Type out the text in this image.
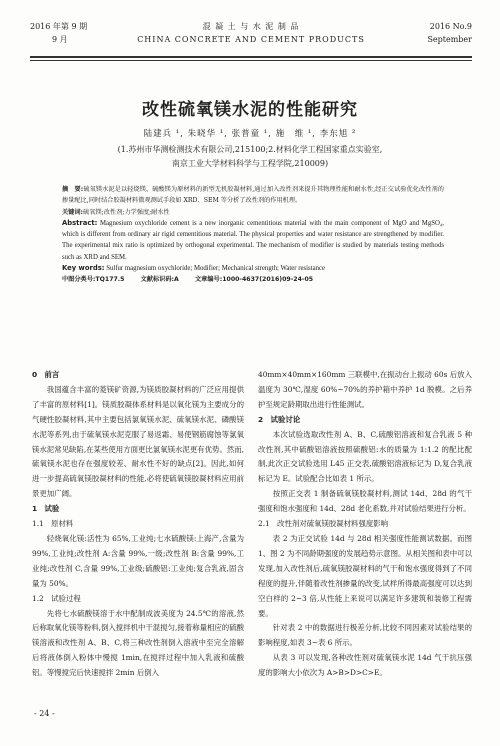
2016 年第 9 期
9 月
混 凝 土 与 水 泥 制 品
CHINA CONCRETE AND CEMENT PRODUCTS
2016 No.9
September
改性硫氧镁水泥的性能研究
陆建兵 ¹, 朱晓华 ¹, 张普童 ¹, 施　维 ¹, 李东旭 ²
(1.苏州市华测检测技术有限公司,215100;2.材料化学工程国家重点实验室,
南京工业大学材料科学与工程学院,210009)

摘　要:硫氧镁水泥是以轻烧镁、硫酸镁为原材料的新型无机胶凝材料,通过加入改性剂来提升其物理性能和耐水性,经正交试验优化改性剂的掺量配比,同时结合胶凝材料微观测试手段如 XRD、SEM 等分析了改性剂的作用机理。

关键词:硫氧镁;改性剂;力学强度;耐水性

Abstract: Magnesium oxychloride cement is a new inorganic cementitious material with the main component of MgO and MgSO₄, which is different from ordinary air rigid cementitious material. The physical properties and water resistance are strengthened by modifier. The experimental mix ratio is optimized by orthogonal experimental. The mechanism of modifier is studied by materials testing methods such as XRD and SEM.

Key words: Sulfur magnesium oxychloride; Modifier; Mechanical strength; Water resistance

中图分类号:TQ177.5	文献标识码:A	文章编号:1000-4637(2016)09-24-05

0　前言

我国蕴含丰富的菱镁矿资源,为镁质胶凝材料的广泛应用提供了丰富的原材料[1]。镁质胶凝体系材料是以氧化镁为主要成分的气硬性胶凝材料,其中主要包括氯氧镁水泥、硫氧镁水泥、磷酸镁水泥等系列,由于硫氧镁水泥克服了易返霜、易使钢筋腐蚀等氯氧镁水泥常见缺陷,在某些使用方面更比氯氧镁水泥更有优势。然而,硫氧镁水泥也存在强度较差、耐水性不好的缺点[2]。因此,如何进一步提高硫氧镁胶凝材料的性能,必将使硫氧镁胶凝材料应用前景更加广阔。

1　试验

1.1　原材料

轻烧氧化镁:活性为 65%,工业纯;七水硫酸镁:上海产,含量为 99%,工业纯;改性剂 A:含量 99%,一级;改性剂 B:含量 99%,工业纯;改性剂 C,含量 99%,工业级;硫酸铝:工业纯;复合乳液,固含量为 50%。

1.2　试验过程

先将七水硫酸镁溶于水中配制成波美度为 24.5℃的溶液,然后称取氧化镁等粉料,倒入搅拌机中干混搅匀,接着称量相应的硫酸镁溶液和改性剂 A、B、C,将三种改性剂倒入溶液中至完全溶解后将液体倒入粉体中慢搅 1min,在搅拌过程中加入乳液和硫酸铝。等慢搅完后快速搅拌 2min 后倒入

40mm×40mm×160mm 三联模中,在振动台上振动 60s 后放入温度为 30℃,湿度 60%~70%的养护箱中养护 1d 脱模。之后养护至规定龄期取出进行性能测试。

2　试验讨论

本次试验选取改性剂 A、B、C,硫酸铝溶液和复合乳液 5 种改性剂,其中硫酸铝溶液按照硫酸铝:水的质量为 1:1.2 的配比配制,此次正交试验选用 L45 正交表,硫酸铝溶液标记为 D,复合乳液标记为 E。试验配合比如表 1 所示。

按照正交表 1 制备硫氧镁胶凝材料,测试 14d、28d 的气干强度和饱水强度和 14d、28d 老化系数,并对试验结果进行分析。

2.1　改性剂对硫氧镁胶凝材料强度影响

表 2 为正交试验 14d 与 28d 相关强度性能测试数据。而图 1、图 2 为不同龄期强度的发展趋势示意图。从相关图和表中可以发现,加入改性剂后,硫氧镁胶凝材料的气干和饱水强度得到了不同程度的提升,伴随着改性剂掺量的改变,试样所得最高强度可以达到空白样的 2~3 倍,从性能上来说可以满足许多建筑和装修工程需要。

针对表 2 中的数据进行极差分析,比较不同因素对试验结果的影响程度,如表 3~表 6 所示。

从表 3 可以发现,各种改性剂对硫氧镁水泥 14d 气干抗压强度的影响大小依次为 A>B>D>C>E。

- 24 -
